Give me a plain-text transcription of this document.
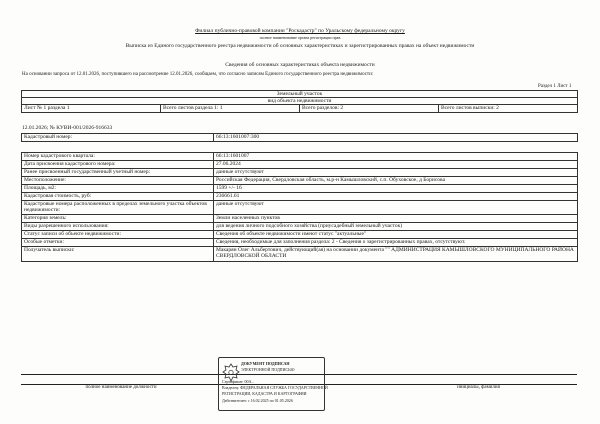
Филиал публично-правовой компании "Роскадастр" по Уральскому федеральному округу
полное наименование органа регистрации прав
Выписка из Единого государственного реестра недвижимости об основных характеристиках и зарегистрированных правах на объект недвижимости
Сведения об основных характеристиках объекта недвижимости
На основании запроса от 12.01.2026, поступившего на рассмотрение 12.01.2026, сообщаем, что согласно записям Единого государственного реестра недвижимости:
Раздел 1 Лист 1
Земельный участок
вид объекта недвижимости
Лист № 1 раздела 1	Всего листов раздела 1: 1	Всего разделов: 2	Всего листов выписки: 2
12.01.2026; № КУВИ-001/2026-916633
Кадастровый номер:	66:13:1601007:300
Номер кадастрового квартала:	66:13:1601007
Дата присвоения кадастрового номера:	27.06.2024
Ранее присвоенный государственный учетный номер:	данные отсутствуют
Местоположение:	Российская Федерация, Свердловская область, м.р-н Камышловский, с.п. Обуховское, д Борисова
Площадь, м2:	1599 +/- 16
Кадастровая стоимость, руб:	236661.61
Кадастровые номера расположенных в пределах земельного участка объектов недвижимости:	данные отсутствуют
Категория земель:	Земли населенных пунктов
Виды разрешенного использования:	для ведения личного подсобного хозяйства (приусадебный земельный участок)
Статус записи об объекте недвижимости:	Сведения об объекте недвижимости имеют статус "актуальные"
Особые отметки:	Сведения, необходимые для заполнения раздела: 2 - Сведения о зарегистрированных правах, отсутствуют.
Получатель выписки:	Макарян Олег Альбертович, действующий(ая) на основании документа "" АДМИНИСТРАЦИЯ КАМЫШЛОВСКОГО МУНИЦИПАЛЬНОГО РАЙОНА СВЕРДЛОВСКОЙ ОБЛАСТИ
полное наименование должности	инициалы, фамилия
ДОКУМЕНТ ПОДПИСАН
ЭЛЕКТРОННОЙ ПОДПИСЬЮ
Сертификат: 00A...
Владелец: ФЕДЕРАЛЬНАЯ СЛУЖБА ГОСУДАРСТВЕННОЙ
РЕГИСТРАЦИИ, КАДАСТРА И КАРТОГРАФИИ
Действителен: с 16.02.2025 по 01.05.2026
